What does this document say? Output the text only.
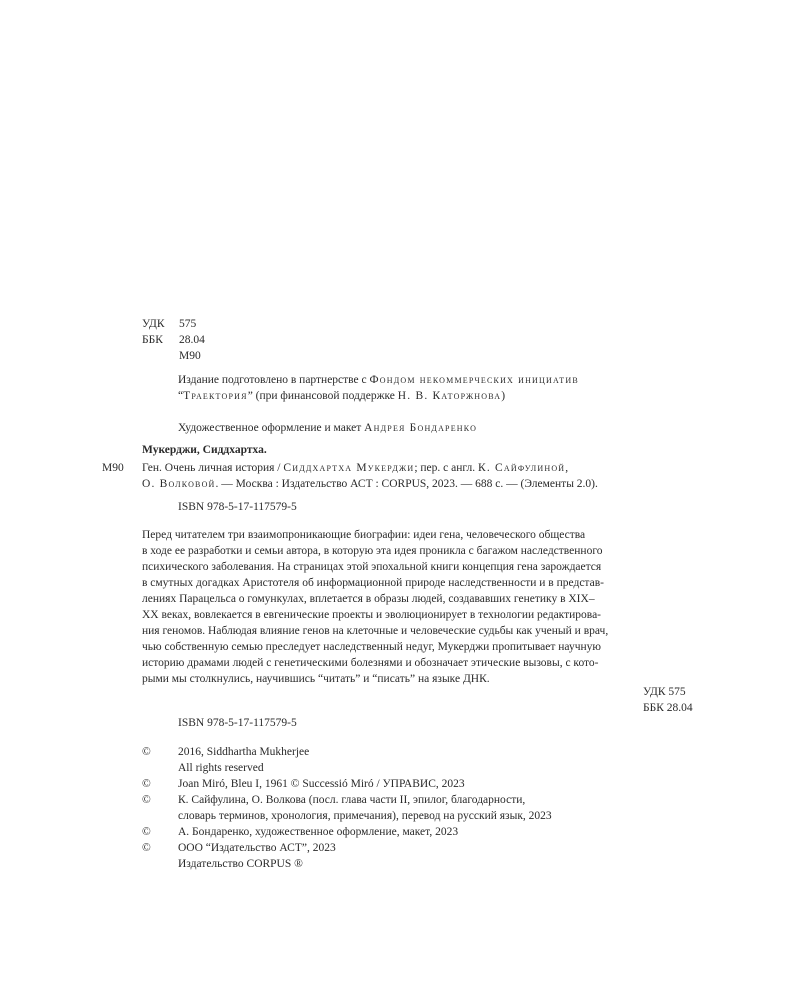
УДК	575
ББК	28.04
М90

Издание подготовлено в партнерстве с Фондом некоммерческих инициатив

“Траектория” (при финансовой поддержке Н. В. Каторжнова)

Художественное оформление и макет Андрея Бондаренко

Мукерджи, Сиддхартха.
М90 Ген. Очень личная история / Сиддхартха Мукерджи; пер. с англ. К. Сайфулиной,
О. Волковой. — Москва : Издательство АСТ : CORPUS, 2023. — 688 с. — (Элементы 2.0).
ISBN 978-5-17-117579-5
Перед читателем три взаимопроникающие биографии: идеи гена, человеческого общества
в ходе ее разработки и семьи автора, в которую эта идея проникла с багажом наследственного
психического заболевания. На страницах этой эпохальной книги концепция гена зарождается
в смутных догадках Аристотеля об информационной природе наследственности и в представ-
лениях Парацельса о гомункулах, вплетается в образы людей, создававших генетику в XIX–
XX веках, вовлекается в евгенические проекты и эволюционирует в технологии редактирова-
ния геномов. Наблюдая влияние генов на клеточные и человеческие судьбы как ученый и врач,
чью собственную семью преследует наследственный недуг, Мукерджи пропитывает научную
историю драмами людей с генетическими болезнями и обозначает этические вызовы, с кото-
рыми мы столкнулись, научившись “читать” и “писать” на языке ДНК.
УДК 575
ББК 28.04
ISBN 978-5-17-117579-5
©	2016, Siddhartha Mukherjee
All rights reserved
©	Joan Miró, Bleu I, 1961 © Successió Miró / УПРАВИС, 2023
©	К. Сайфулина, О. Волкова (посл. глава части II, эпилог, благодарности,
словарь терминов, хронология, примечания), перевод на русский язык, 2023
©	А. Бондаренко, художественное оформление, макет, 2023
©	ООО “Издательство АСТ”, 2023
Издательство CORPUS ®
